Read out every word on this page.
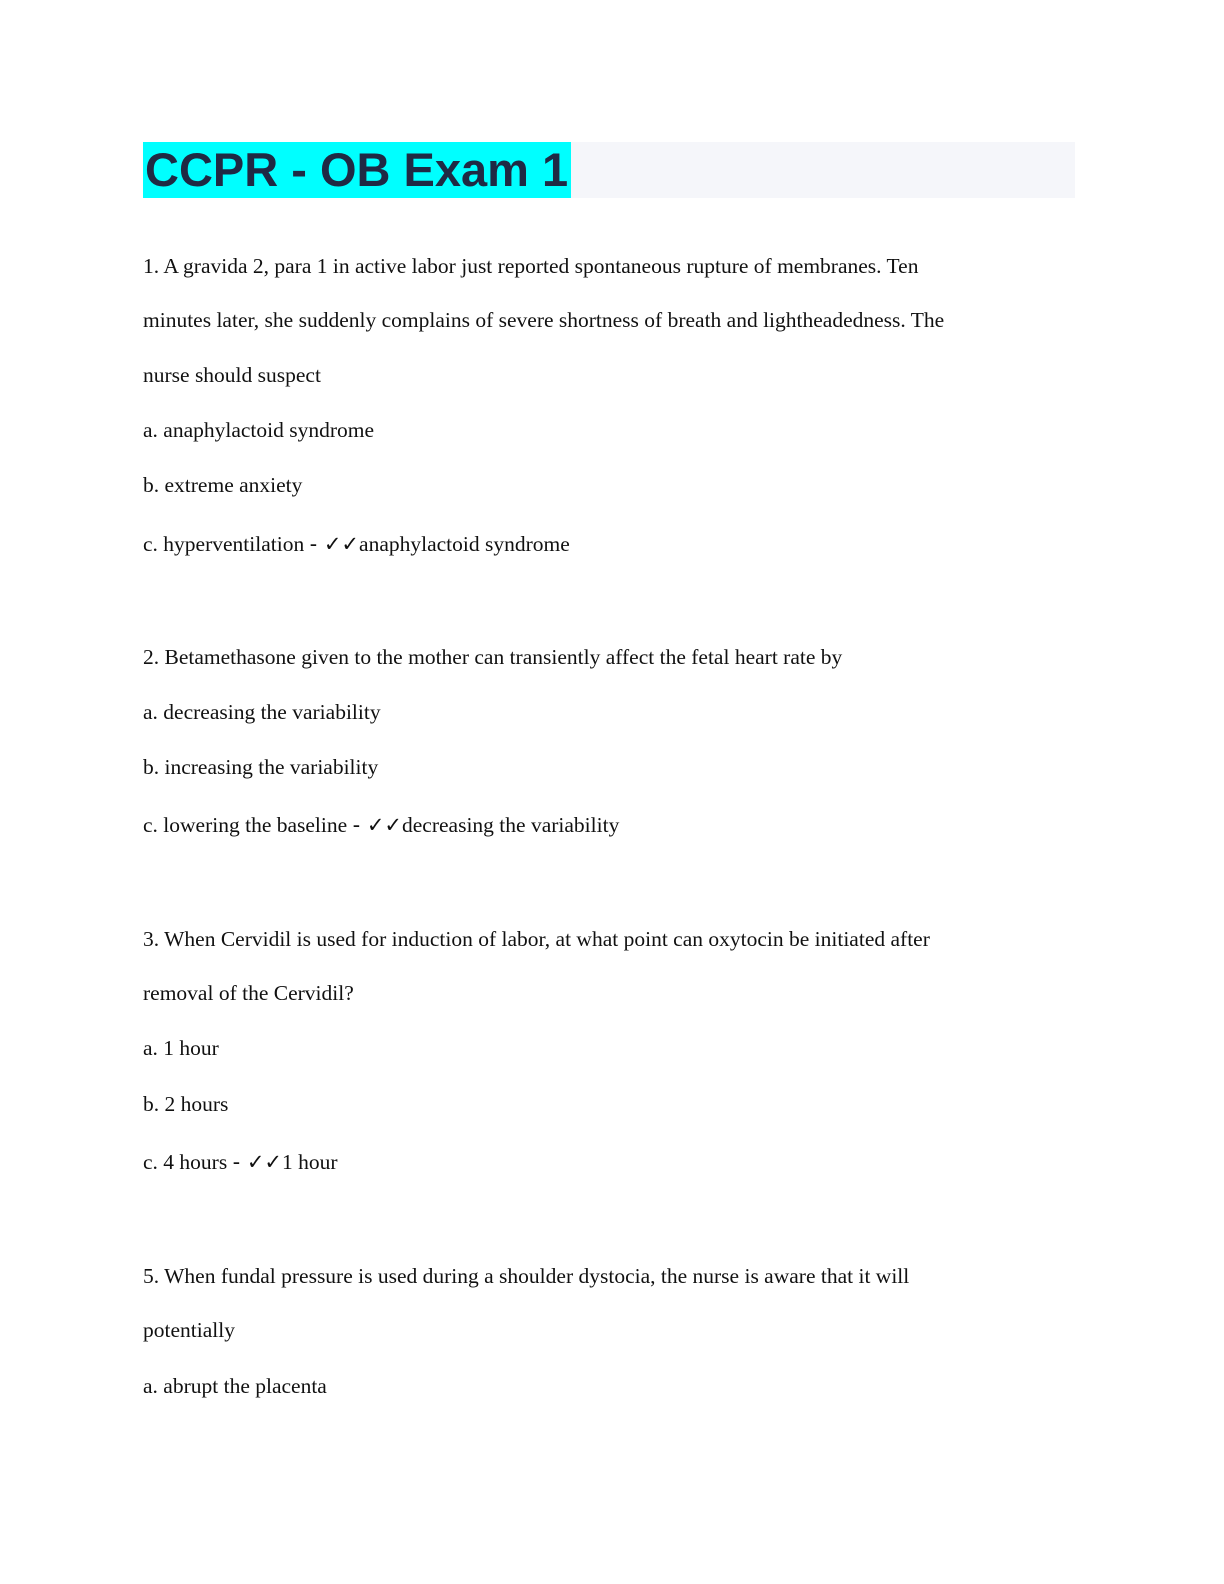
CCPR - OB Exam 1
1. A gravida 2, para 1 in active labor just reported spontaneous rupture of membranes. Ten
minutes later, she suddenly complains of severe shortness of breath and lightheadedness. The
nurse should suspect
a. anaphylactoid syndrome
b. extreme anxiety
c. hyperventilation - ✓✓anaphylactoid syndrome
2. Betamethasone given to the mother can transiently affect the fetal heart rate by
a. decreasing the variability
b. increasing the variability
c. lowering the baseline - ✓✓decreasing the variability
3. When Cervidil is used for induction of labor, at what point can oxytocin be initiated after
removal of the Cervidil?
a. 1 hour
b. 2 hours
c. 4 hours - ✓✓1 hour
5. When fundal pressure is used during a shoulder dystocia, the nurse is aware that it will
potentially
a. abrupt the placenta
